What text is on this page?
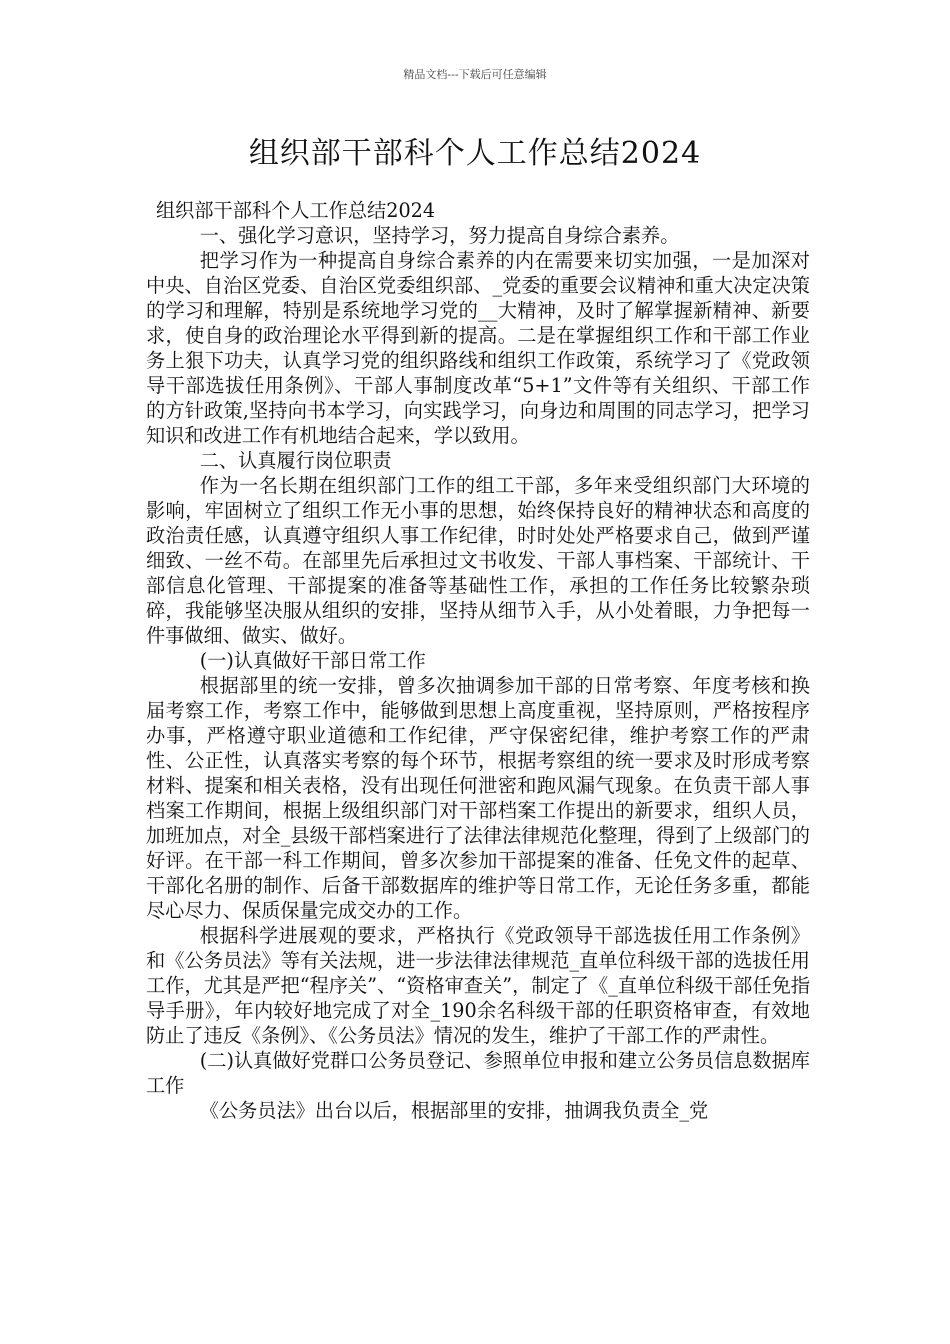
精品文档---下载后可任意编辑
组织部干部科个人工作总结2024

组织部干部科个人工作总结2024

一、强化学习意识，坚持学习，努力提高自身综合素养。

把学习作为一种提高自身综合素养的内在需要来切实加强，一是加深对中央、自治区党委、自治区党委组织部、_党委的重要会议精神和重大决定决策的学习和理解，特别是系统地学习党的__大精神，及时了解掌握新精神、新要求，使自身的政治理论水平得到新的提高。二是在掌握组织工作和干部工作业务上狠下功夫，认真学习党的组织路线和组织工作政策，系统学习了《党政领导干部选拔任用条例》、干部人事制度改革“5+1”文件等有关组织、干部工作的方针政策,坚持向书本学习，向实践学习，向身边和周围的同志学习，把学习知识和改进工作有机地结合起来，学以致用。

二、认真履行岗位职责

作为一名长期在组织部门工作的组工干部，多年来受组织部门大环境的影响，牢固树立了组织工作无小事的思想，始终保持良好的精神状态和高度的政治责任感，认真遵守组织人事工作纪律，时时处处严格要求自己，做到严谨细致、一丝不苟。在部里先后承担过文书收发、干部人事档案、干部统计、干部信息化管理、干部提案的准备等基础性工作，承担的工作任务比较繁杂琐碎，我能够坚决服从组织的安排，坚持从细节入手，从小处着眼，力争把每一件事做细、做实、做好。

(一)认真做好干部日常工作

根据部里的统一安排，曾多次抽调参加干部的日常考察、年度考核和换届考察工作，考察工作中，能够做到思想上高度重视，坚持原则，严格按程序办事，严格遵守职业道德和工作纪律，严守保密纪律，维护考察工作的严肃性、公正性，认真落实考察的每个环节，根据考察组的统一要求及时形成考察材料、提案和相关表格，没有出现任何泄密和跑风漏气现象。在负责干部人事档案工作期间，根据上级组织部门对干部档案工作提出的新要求，组织人员，加班加点，对全_县级干部档案进行了法律法律规范化整理，得到了上级部门的好评。在干部一科工作期间，曾多次参加干部提案的准备、任免文件的起草、干部化名册的制作、后备干部数据库的维护等日常工作，无论任务多重，都能尽心尽力、保质保量完成交办的工作。

根据科学进展观的要求，严格执行《党政领导干部选拔任用工作条例》和《公务员法》等有关法规，进一步法律法律规范_直单位科级干部的选拔任用工作，尤其是严把“程序关”、“资格审查关”，制定了《_直单位科级干部任免指导手册》，年内较好地完成了对全_190余名科级干部的任职资格审查，有效地防止了违反《条例》、《公务员法》情况的发生，维护了干部工作的严肃性。

(二)认真做好党群口公务员登记、参照单位申报和建立公务员信息数据库工作

《公务员法》出台以后，根据部里的安排，抽调我负责全_党
